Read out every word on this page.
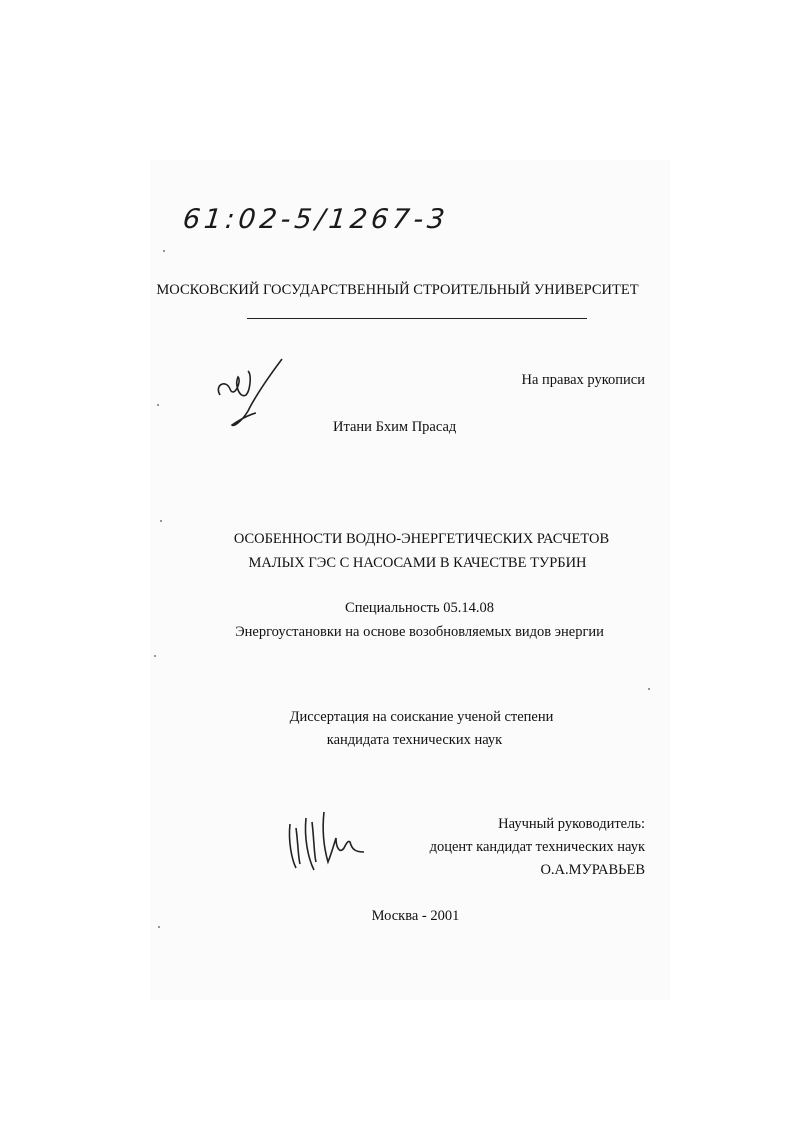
61:02-5/1267-3
МОСКОВСКИЙ ГОСУДАРСТВЕННЫЙ СТРОИТЕЛЬНЫЙ УНИВЕРСИТЕТ
На правах рукописи
Итани Бхим Прасад
ОСОБЕННОСТИ ВОДНО-ЭНЕРГЕТИЧЕСКИХ РАСЧЕТОВ
МАЛЫХ ГЭС С НАСОСАМИ В КАЧЕСТВЕ ТУРБИН
Специальность 05.14.08
Энергоустановки на основе возобновляемых видов энергии
Диссертация на соискание ученой степени
кандидата технических наук
Научный руководитель:
доцент кандидат технических наук
О.А.МУРАВЬЕВ
Москва - 2001
